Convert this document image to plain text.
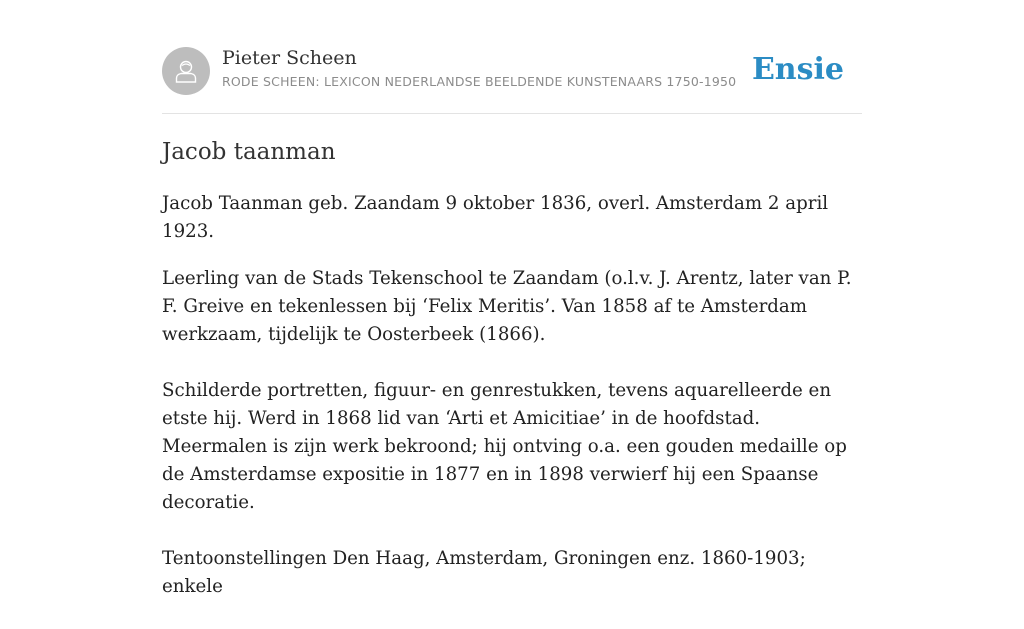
Pieter Scheen
RODE SCHEEN: LEXICON NEDERLANDSE BEELDENDE KUNSTENAARS 1750-1950 Ensie
Jacob taanman

Jacob Taanman geb. Zaandam 9 oktober 1836, overl. Amsterdam 2 april 1923.

Leerling van de Stads Tekenschool te Zaandam (o.l.v. J. Arentz, later van P. F. Greive en tekenlessen bij ‘Felix Meritis’. Van 1858 af te Amsterdam werkzaam, tijdelijk te Oosterbeek (1866).

Schilderde portretten, figuur- en genrestukken, tevens aquarelleerde en etste hij. Werd in 1868 lid van ‘Arti et Amicitiae’ in de hoofdstad. Meermalen is zijn werk bekroond; hij ontving o.a. een gouden medaille op de Amsterdamse expositie in 1877 en in 1898 verwierf hij een Spaanse decoratie.

Tentoonstellingen Den Haag, Amsterdam, Groningen enz. 1860-1903; enkele
